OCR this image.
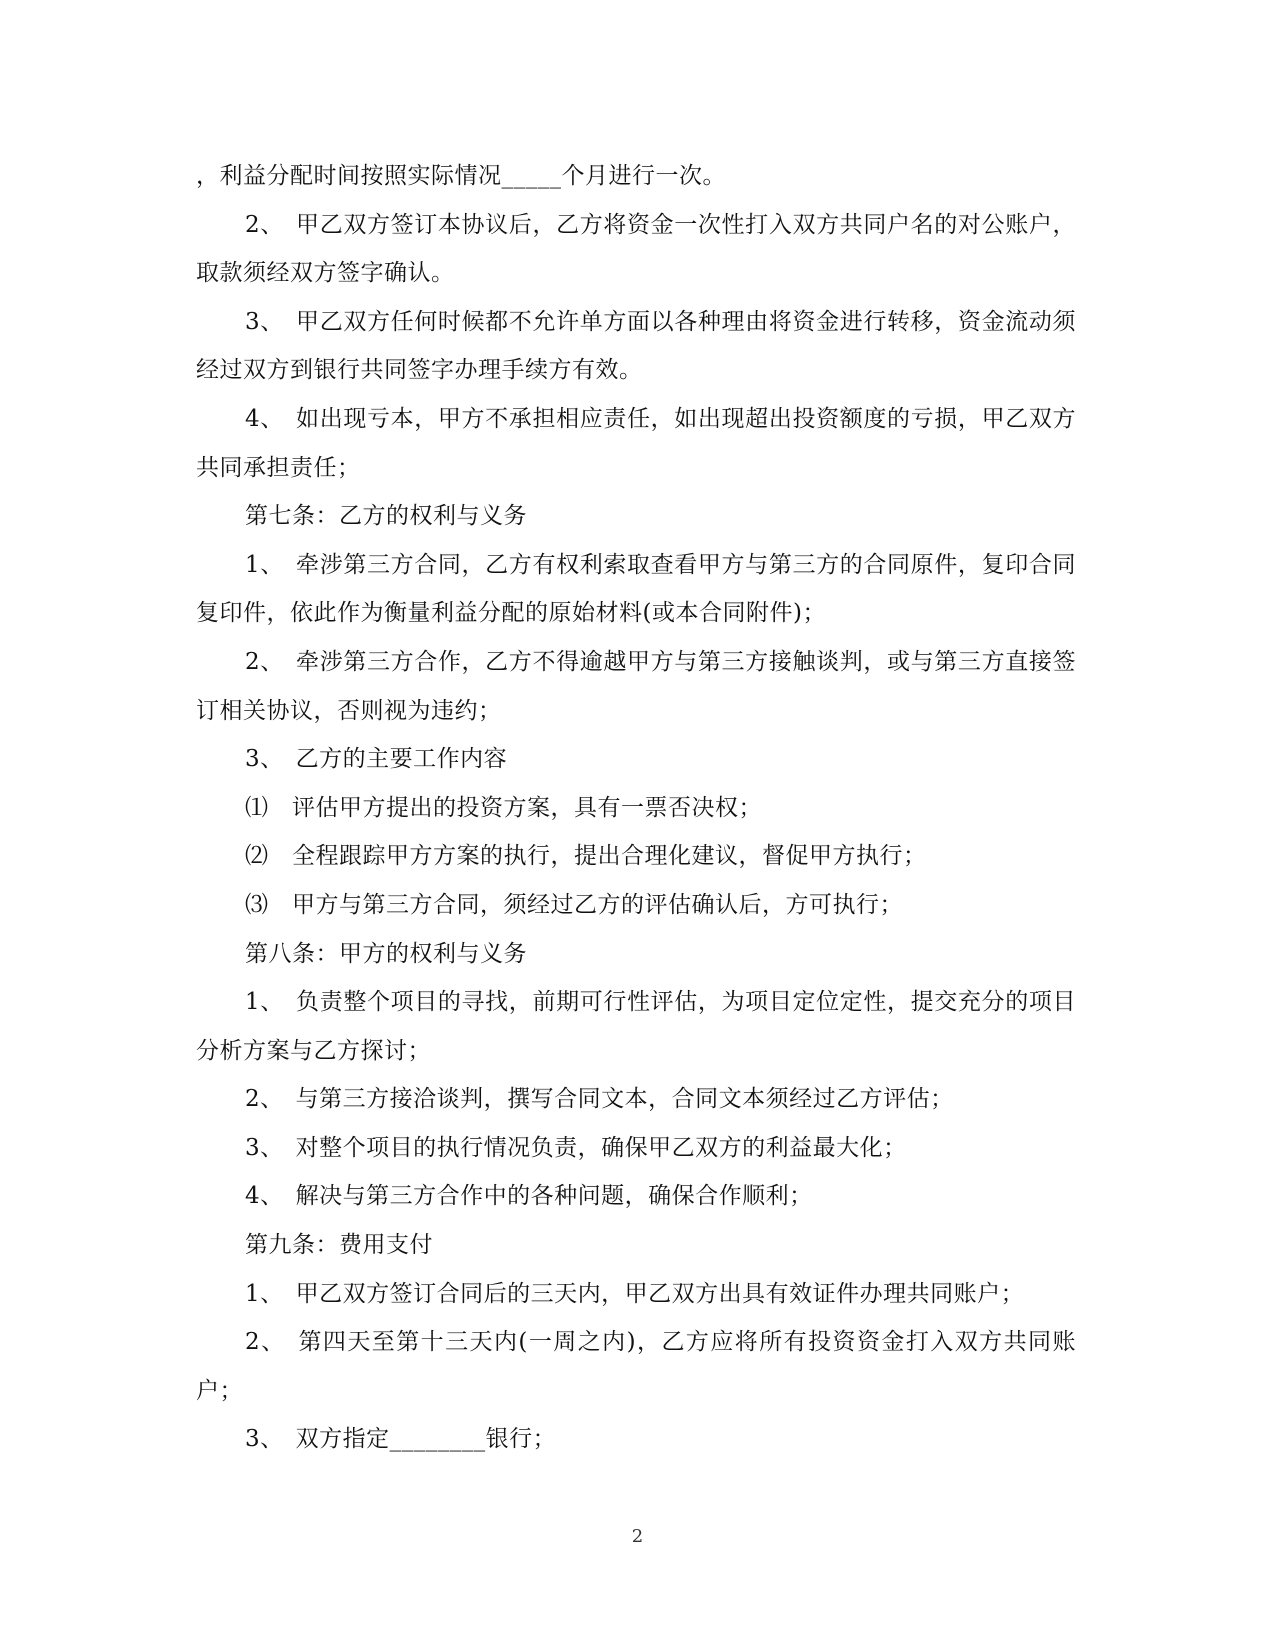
，利益分配时间按照实际情况_____个月进行一次。

2、　甲乙双方签订本协议后，乙方将资金一次性打入双方共同户名的对公账户，取款须经双方签字确认。

3、　甲乙双方任何时候都不允许单方面以各种理由将资金进行转移，资金流动须经过双方到银行共同签字办理手续方有效。

4、　如出现亏本，甲方不承担相应责任，如出现超出投资额度的亏损，甲乙双方共同承担责任；

第七条：乙方的权利与义务

1、　牵涉第三方合同，乙方有权利索取查看甲方与第三方的合同原件，复印合同复印件，依此作为衡量利益分配的原始材料(或本合同附件)；

2、　牵涉第三方合作，乙方不得逾越甲方与第三方接触谈判，或与第三方直接签订相关协议，否则视为违约；

3、　乙方的主要工作内容

⑴　评估甲方提出的投资方案，具有一票否决权；

⑵　全程跟踪甲方方案的执行，提出合理化建议，督促甲方执行；

⑶　甲方与第三方合同，须经过乙方的评估确认后，方可执行；

第八条：甲方的权利与义务

1、　负责整个项目的寻找，前期可行性评估，为项目定位定性，提交充分的项目分析方案与乙方探讨；

2、　与第三方接洽谈判，撰写合同文本，合同文本须经过乙方评估；

3、　对整个项目的执行情况负责，确保甲乙双方的利益最大化；

4、　解决与第三方合作中的各种问题，确保合作顺利；

第九条：费用支付

1、　甲乙双方签订合同后的三天内，甲乙双方出具有效证件办理共同账户；

2、　第四天至第十三天内(一周之内)，乙方应将所有投资资金打入双方共同账户；

3、　双方指定________银行；

2
